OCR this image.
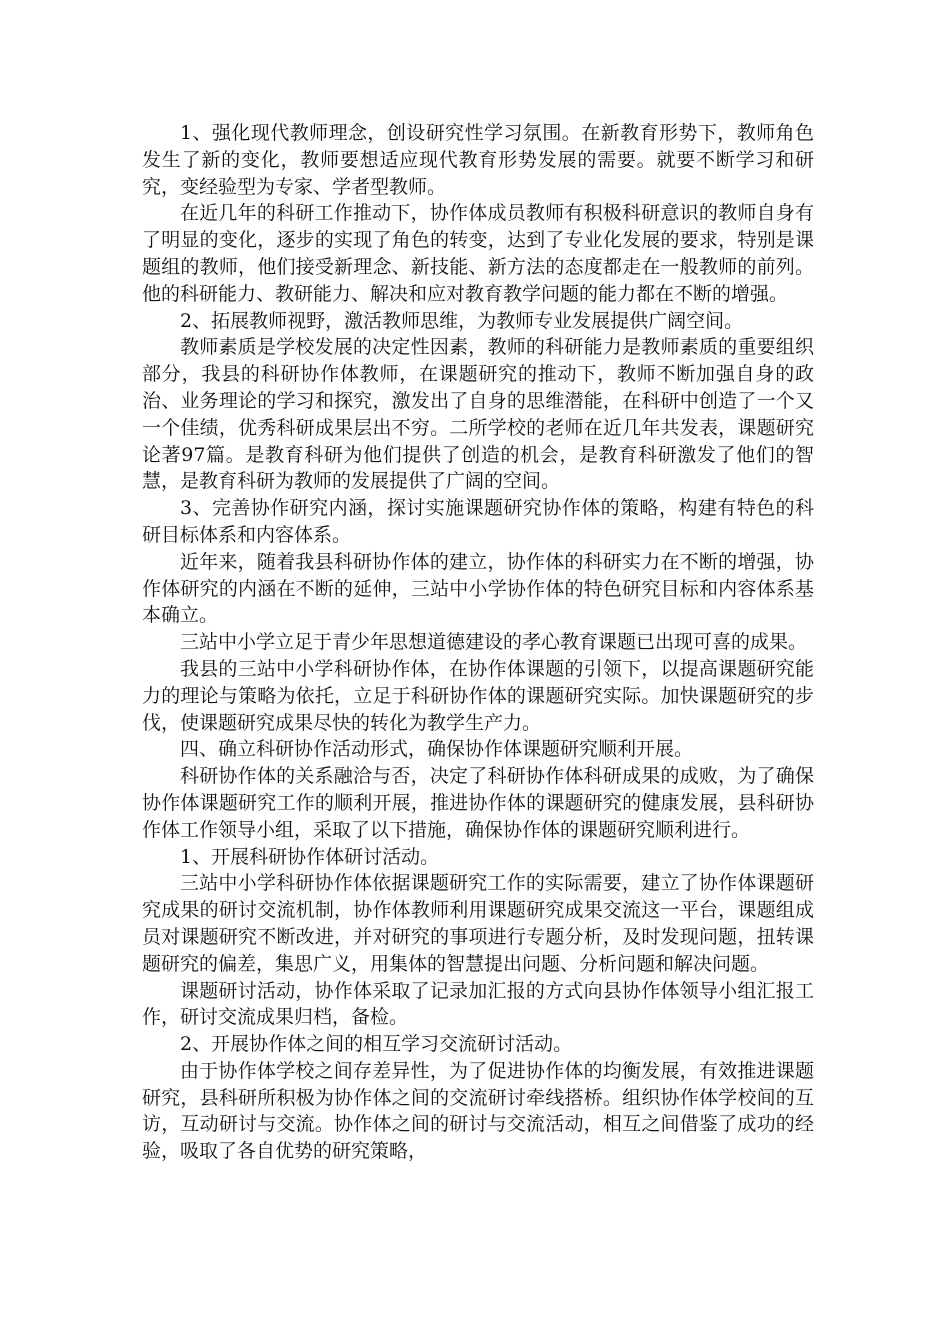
1、强化现代教师理念，创设研究性学习氛围。在新教育形势下，教师角色发生了新的变化，教师要想适应现代教育形势发展的需要。就要不断学习和研究，变经验型为专家、学者型教师。

在近几年的科研工作推动下，协作体成员教师有积极科研意识的教师自身有了明显的变化，逐步的实现了角色的转变，达到了专业化发展的要求，特别是课题组的教师，他们接受新理念、新技能、新方法的态度都走在一般教师的前列。他的科研能力、教研能力、解决和应对教育教学问题的能力都在不断的增强。

2、拓展教师视野，激活教师思维，为教师专业发展提供广阔空间。

教师素质是学校发展的决定性因素，教师的科研能力是教师素质的重要组织部分，我县的科研协作体教师，在课题研究的推动下，教师不断加强自身的政治、业务理论的学习和探究，激发出了自身的思维潜能，在科研中创造了一个又一个佳绩，优秀科研成果层出不穷。二所学校的老师在近几年共发表，课题研究论著97篇。是教育科研为他们提供了创造的机会，是教育科研激发了他们的智慧，是教育科研为教师的发展提供了广阔的空间。

3、完善协作研究内涵，探讨实施课题研究协作体的策略，构建有特色的科研目标体系和内容体系。

近年来，随着我县科研协作体的建立，协作体的科研实力在不断的增强，协作体研究的内涵在不断的延伸，三站中小学协作体的特色研究目标和内容体系基本确立。

三站中小学立足于青少年思想道德建设的孝心教育课题已出现可喜的成果。

我县的三站中小学科研协作体，在协作体课题的引领下，以提高课题研究能力的理论与策略为依托，立足于科研协作体的课题研究实际。加快课题研究的步伐，使课题研究成果尽快的转化为教学生产力。

四、确立科研协作活动形式，确保协作体课题研究顺利开展。

科研协作体的关系融洽与否，决定了科研协作体科研成果的成败，为了确保协作体课题研究工作的顺利开展，推进协作体的课题研究的健康发展，县科研协作体工作领导小组，采取了以下措施，确保协作体的课题研究顺利进行。

1、开展科研协作体研讨活动。

三站中小学科研协作体依据课题研究工作的实际需要，建立了协作体课题研究成果的研讨交流机制，协作体教师利用课题研究成果交流这一平台，课题组成员对课题研究不断改进，并对研究的事项进行专题分析，及时发现问题，扭转课题研究的偏差，集思广义，用集体的智慧提出问题、分析问题和解决问题。

课题研讨活动，协作体采取了记录加汇报的方式向县协作体领导小组汇报工作，研讨交流成果归档，备检。

2、开展协作体之间的相互学习交流研讨活动。

由于协作体学校之间存差异性，为了促进协作体的均衡发展，有效推进课题研究，县科研所积极为协作体之间的交流研讨牵线搭桥。组织协作体学校间的互访，互动研讨与交流。协作体之间的研讨与交流活动，相互之间借鉴了成功的经验，吸取了各自优势的研究策略，
